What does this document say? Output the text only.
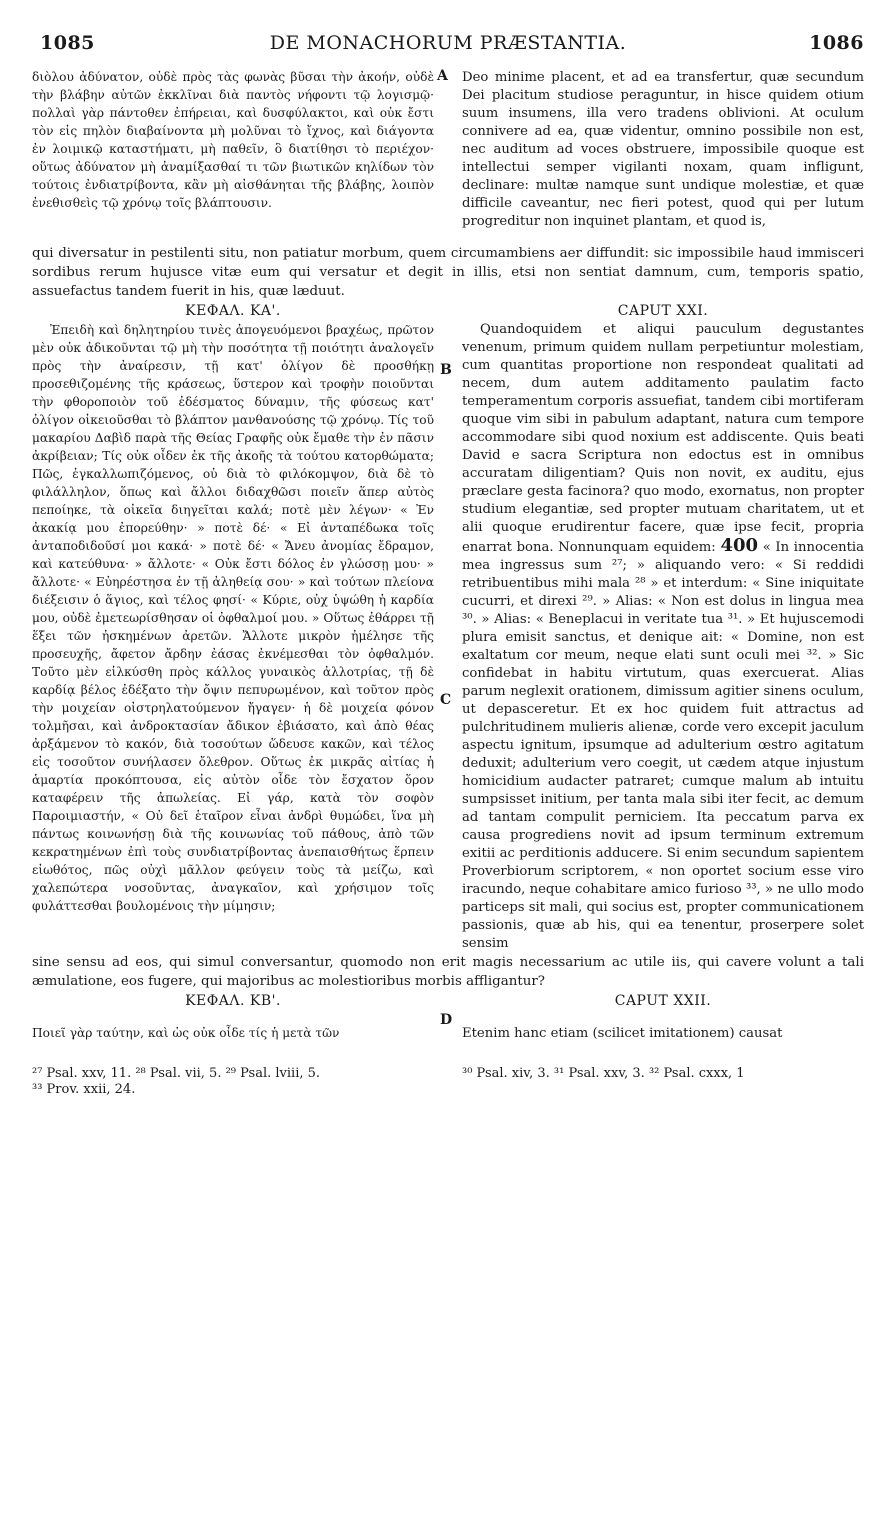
1085	DE MONACHORUM PRÆSTANTIA.	1086

διὸλου ἀδύνατον, οὐδὲ πρὸς τὰς φωνὰς βῦσαι τὴν ἀκοήν, οὐδὲ τὴν βλάβην αὐτῶν ἐκκλῖναι διὰ παντὸς νήφοντι τῷ λογισμῷ· πολλαὶ γὰρ πάντοθεν ἐπήρειαι, καὶ δυσφύλακτοι, καὶ οὐκ ἔστι τὸν εἰς πηλὸν διαβαίνοντα μὴ μολῦναι τὸ ἴχνος, καὶ διάγοντα ἐν λοιμικῷ καταστήματι, μὴ παθεῖν, ὃ διατίθησι τὸ περιέχον· οὕτως ἀδύνατον μὴ ἀναμίξασθαί τι τῶν βιωτικῶν κηλίδων τὸν τούτοις ἐνδιατρίβοντα, κἂν μὴ αἰσθάνηται τῆς βλάβης, λοιπὸν ἐνεθισθεὶς τῷ χρόνῳ τοῖς βλάπτουσιν.

Deo minime placent, et ad ea transfertur, quæ secundum Dei placitum studiose peraguntur, in hisce quidem otium suum insumens, illa vero tradens oblivioni. At oculum connivere ad ea, quæ videntur, omnino possibile non est, nec auditum ad voces obstruere, impossibile quoque est intellectui semper vigilanti noxam, quam infligunt, declinare: multæ namque sunt undique molestiæ, et quæ difficile caveantur, nec fieri potest, quod qui per lutum progreditur non inquinet plantam, et quod is,

qui diversatur in pestilenti situ, non patiatur morbum, quem circumambiens aer diffundit: sic impossibile haud immisceri sordibus rerum hujusce vitæ eum qui versatur et degit in illis, etsi non sentiat damnum, cum, temporis spatio, assuefactus tandem fuerit in his, quæ læduut.

ΚΕΦΑΛ. ΚΑ'.	CAPUT XXI.

Ἐπειδὴ καὶ δηλητηρίου τινὲς ἀπογευόμενοι βραχέως, πρῶτον μὲν οὐκ ἀδικοῦνται τῷ μὴ τὴν ποσότητα τῇ ποιότητι ἀναλογεῖν πρὸς τὴν ἀναίρεσιν, τῇ κατ' ὀλίγον δὲ προσθήκῃ προσεθιζομένης τῆς κράσεως, ὕστερον καὶ τροφὴν ποιοῦνται τὴν φθοροποιὸν τοῦ ἐδέσματος δύναμιν, τῆς φύσεως κατ' ὀλίγον οἰκειοῦσθαι τὸ βλάπτον μανθανούσης τῷ χρόνῳ. Τίς τοῦ μακαρίου Δαβὶδ παρὰ τῆς Θείας Γραφῆς οὐκ ἔμαθε τὴν ἐν πᾶσιν ἀκρίβειαν; Τίς οὐκ οἶδεν ἐκ τῆς ἀκοῆς τὰ τούτου κατορθώματα; Πῶς, ἐγκαλλωπιζόμενος, οὐ διὰ τὸ φιλόκομψον, διὰ δὲ τὸ φιλάλληλον, ὅπως καὶ ἄλλοι διδαχθῶσι ποιεῖν ἅπερ αὐτὸς πεποίηκε, τὰ οἰκεῖα διηγεῖται καλά; ποτὲ μὲν λέγων· « Ἐν ἀκακίᾳ μου ἐπορεύθην· » ποτὲ δέ· « Εἰ ἀνταπέδωκα τοῖς ἀνταποδιδοῦσί μοι κακά· » ποτὲ δέ· « Ἄνευ ἀνομίας ἔδραμον, καὶ κατεύθυνα· » ἄλλοτε· « Οὐκ ἔστι δόλος ἐν γλώσσῃ μου· » ἄλλοτε· « Εὐηρέστησα ἐν τῇ ἀληθείᾳ σου· » καὶ τούτων πλείονα διέξεισιν ὁ ἅγιος, καὶ τέλος φησί· « Κύριε, οὐχ ὑψώθη ἡ καρδία μου, οὐδὲ ἐμετεωρίσθησαν οἱ ὀφθαλμοί μου. » Οὕτως ἐθάρρει τῇ ἕξει τῶν ἠσκημένων ἀρετῶν. Ἄλλοτε μικρὸν ἠμέλησε τῆς προσευχῆς, ἄφετον ἄρδην ἐάσας ἐκνέμεσθαι τὸν ὀφθαλμόν. Τοῦτο μὲν εἱλκύσθη πρὸς κάλλος γυναικὸς ἀλλοτρίας, τῇ δὲ καρδίᾳ βέλος ἐδέξατο τὴν ὄψιν πεπυρωμένον, καὶ τοῦτον πρὸς τὴν μοιχείαν οἰστρηλατούμενον ἤγαγεν· ἡ δὲ μοιχεία φόνον τολμῆσαι, καὶ ἀνδροκτασίαν ἄδικον ἐβιάσατο, καὶ ἀπὸ θέας ἀρξάμενον τὸ κακόν, διὰ τοσούτων ὥδευσε κακῶν, καὶ τέλος εἰς τοσοῦτον συνήλασεν ὄλεθρον. Οὕτως ἐκ μικρᾶς αἰτίας ἡ ἁμαρτία προκόπτουσα, εἰς αὐτὸν οἶδε τὸν ἔσχατον ὅρον καταφέρειν τῆς ἀπωλείας. Εἰ γάρ, κατὰ τὸν σοφὸν Παροιμιαστήν, « Οὐ δεῖ ἑταῖρον εἶναι ἀνδρὶ θυμώδει, ἵνα μὴ πάντως κοινωνήσῃ διὰ τῆς κοινωνίας τοῦ πάθους, ἀπὸ τῶν κεκρατημένων ἐπὶ τοὺς συνδιατρίβοντας ἀνεπαισθήτως ἕρπειν εἰωθότος, πῶς οὐχὶ μᾶλλον φεύγειν τοὺς τὰ μείζω, καὶ χαλεπώτερα νοσοῦντας, ἀναγκαῖον, καὶ χρήσιμον τοῖς φυλάττεσθαι βουλομένοις τὴν μίμησιν;

Quandoquidem et aliqui pauculum degustantes venenum, primum quidem nullam perpetiuntur molestiam, cum quantitas proportione non respondeat qualitati ad necem, dum autem additamento paulatim facto temperamentum corporis assuefiat, tandem cibi mortiferam quoque vim sibi in pabulum adaptant, natura cum tempore accommodare sibi quod noxium est addiscente. Quis beati David e sacra Scriptura non edoctus est in omnibus accuratam diligentiam? Quis non novit, ex auditu, ejus præclare gesta facinora? quo modo, exornatus, non propter studium elegantiæ, sed propter mutuam charitatem, ut et alii quoque erudirentur facere, quæ ipse fecit, propria enarrat bona. Nonnunquam equidem: 400 « In innocentia mea ingressus sum ²⁷; » aliquando vero: « Si reddidi retribuentibus mihi mala ²⁸ » et interdum: « Sine iniquitate cucurri, et direxi ²⁹. » Alias: « Non est dolus in lingua mea ³⁰. » Alias: « Beneplacui in veritate tua ³¹. » Et hujuscemodi plura emisit sanctus, et denique ait: « Domine, non est exaltatum cor meum, neque elati sunt oculi mei ³². » Sic confidebat in habitu virtutum, quas exercuerat. Alias parum neglexit orationem, dimissum agitier sinens oculum, ut depasceretur. Et ex hoc quidem fuit attractus ad pulchritudinem mulieris alienæ, corde vero excepit jaculum aspectu ignitum, ipsumque ad adulterium œstro agitatum deduxit; adulterium vero coegit, ut cædem atque injustum homicidium audacter patraret; cumque malum ab intuitu sumpsisset initium, per tanta mala sibi iter fecit, ac demum ad tantam compulit perniciem. Ita peccatum parva ex causa progrediens novit ad ipsum terminum extremum exitii ac perditionis adducere. Si enim secundum sapientem Proverbiorum scriptorem, « non oportet socium esse viro iracundo, neque cohabitare amico furioso ³³, » ne ullo modo particeps sit mali, qui socius est, propter communicationem passionis, quæ ab his, qui ea tenentur, proserpere solet sensim

sine sensu ad eos, qui simul conversantur, quomodo non erit magis necessarium ac utile iis, qui cavere volunt a tali æmulatione, eos fugere, qui majoribus ac molestioribus morbis affligantur?

ΚΕΦΑΛ. ΚΒ'.	CAPUT XXII.

Ποιεῖ γὰρ ταύτην, καὶ ὡς οὐκ οἶδε τίς ἡ μετὰ τῶν	Etenim hanc etiam (scilicet imitationem) causat

²⁷ Psal. xxv, 11. ²⁸ Psal. vii, 5. ²⁹ Psal. lviii, 5.
³³ Prov. xxii, 24.
³⁰ Psal. xiv, 3. ³¹ Psal. xxv, 3. ³² Psal. cxxx, 1
A
B
C
D
